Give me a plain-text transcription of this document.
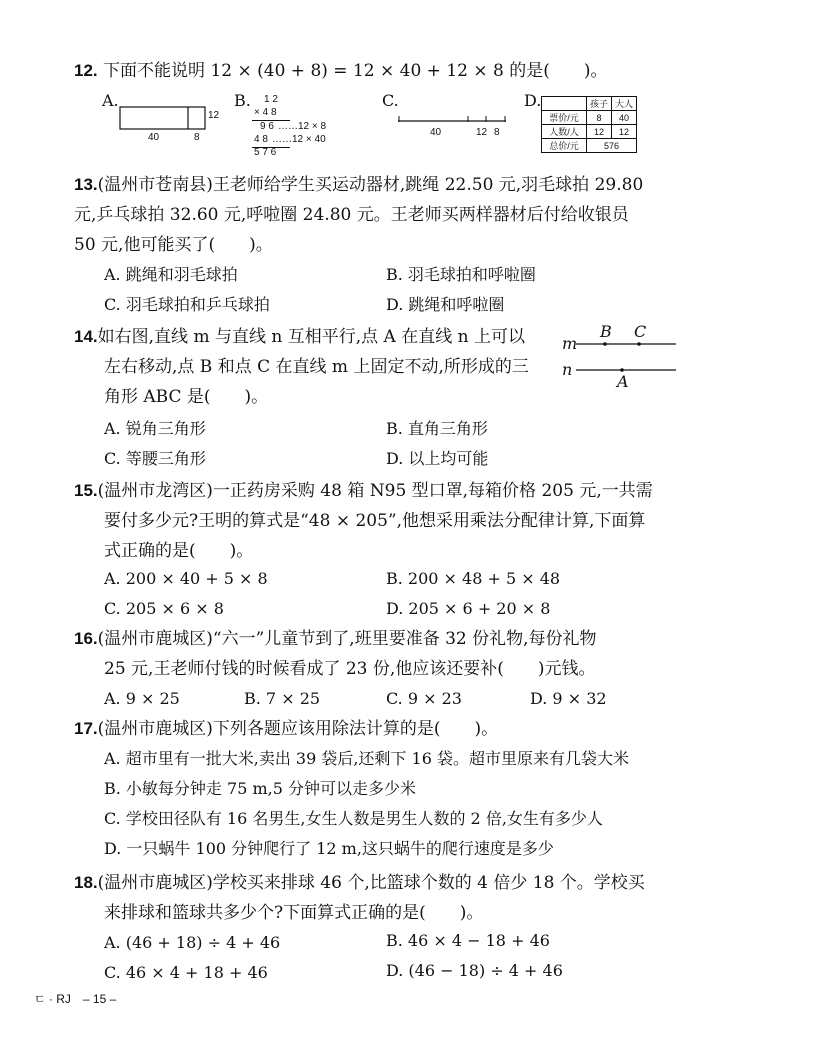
12. 下面不能说明 12 × (40 + 8) = 12 × 40 + 12 × 8 的是(　　)。
A.
12
40	8
B. 1 2
× 4 8
9 6 ……12 × 8
4 8 ……12 × 40
5 7 6
C.
40	12 8
D.
		孩子	大人
票价/元	8	40
人数/人	12	12
总价/元	576	
13.(温州市苍南县)王老师给学生买运动器材,跳绳 22.50 元,羽毛球拍 29.80
元,乒乓球拍 32.60 元,呼啦圈 24.80 元。王老师买两样器材后付给收银员
50 元,他可能买了(　　)。
A. 跳绳和羽毛球拍	B. 羽毛球拍和呼啦圈
C. 羽毛球拍和乒乓球拍	D. 跳绳和呼啦圈
14.如右图,直线 m 与直线 n 互相平行,点 A 在直线 n 上可以
左右移动,点 B 和点 C 在直线 m 上固定不动,所形成的三
角形 ABC 是(　　)。
m
n
B C
A
A. 锐角三角形	B. 直角三角形
C. 等腰三角形	D. 以上均可能
15.(温州市龙湾区)一正药房采购 48 箱 N95 型口罩,每箱价格 205 元,一共需
要付多少元?王明的算式是“48 × 205”,他想采用乘法分配律计算,下面算
式正确的是(　　)。
A. 200 × 40 + 5 × 8	B. 200 × 48 + 5 × 48
C. 205 × 6 × 8	D. 205 × 6 + 20 × 8
16.(温州市鹿城区)“六一”儿童节到了,班里要准备 32 份礼物,每份礼物
25 元,王老师付钱的时候看成了 23 份,他应该还要补(　　)元钱。
A. 9 × 25	B. 7 × 25	C. 9 × 23	D. 9 × 32
17.(温州市鹿城区)下列各题应该用除法计算的是(　　)。
A. 超市里有一批大米,卖出 39 袋后,还剩下 16 袋。超市里原来有几袋大米
B. 小敏每分钟走 75 m,5 分钟可以走多少米
C. 学校田径队有 16 名男生,女生人数是男生人数的 2 倍,女生有多少人
D. 一只蜗牛 100 分钟爬行了 12 m,这只蜗牛的爬行速度是多少
18.(温州市鹿城区)学校买来排球 46 个,比篮球个数的 4 倍少 18 个。学校买
来排球和篮球共多少个?下面算式正确的是(　　)。
A. (46 + 18) ÷ 4 + 46	B. 46 × 4 − 18 + 46
C. 46 × 4 + 18 + 46	D. (46 − 18) ÷ 4 + 46
ㄷ · RJ　– 15 –
